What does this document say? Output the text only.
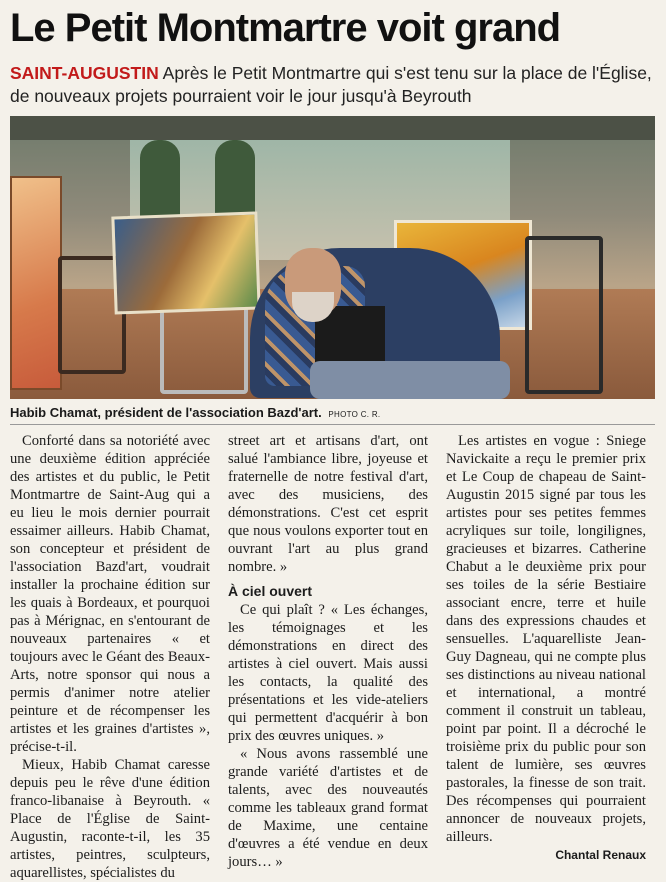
Le Petit Montmartre voit grand
SAINT-AUGUSTIN Après le Petit Montmartre qui s'est tenu sur la place de l'Église, de nouveaux projets pourraient voir le jour jusqu'à Beyrouth
Habib Chamat, président de l'association Bazd'art. PHOTO C. R.

Conforté dans sa notoriété avec une deuxième édition appréciée des artistes et du public, le Petit Montmartre de Saint-Aug qui a eu lieu le mois dernier pourrait essaimer ailleurs. Habib Chamat, son concepteur et président de l'association Bazd'art, voudrait installer la prochaine édition sur les quais à Bordeaux, et pourquoi pas à Mérignac, en s'entourant de nouveaux partenaires « et toujours avec le Géant des Beaux-Arts, notre sponsor qui nous a permis d'animer notre atelier peinture et de récompenser les artistes et les graines d'artistes », précise-t-il.

Mieux, Habib Chamat caresse depuis peu le rêve d'une édition franco-libanaise à Beyrouth. « Place de l'Église de Saint-Augustin, raconte-t-il, les 35 artistes, peintres, sculpteurs, aquarellistes, spécialistes du

street art et artisans d'art, ont salué l'ambiance libre, joyeuse et fraternelle de notre festival d'art, avec des musiciens, des démonstrations. C'est cet esprit que nous voulons exporter tout en ouvrant l'art au plus grand nombre. »

À ciel ouvert

Ce qui plaît ? « Les échanges, les témoignages et les démonstrations en direct des artistes à ciel ouvert. Mais aussi les contacts, la qualité des présentations et les vide-ateliers qui permettent d'acquérir à bon prix des œuvres uniques. »

« Nous avons rassemblé une grande variété d'artistes et de talents, avec des nouveautés comme les tableaux grand format de Maxime, une centaine d'œuvres a été vendue en deux jours… »

Les artistes en vogue : Sniege Navickaite a reçu le premier prix et Le Coup de chapeau de Saint-Augustin 2015 signé par tous les artistes pour ses petites femmes acryliques sur toile, longilignes, gracieuses et bizarres. Catherine Chabut a le deuxième prix pour ses toiles de la série Bestiaire associant encre, terre et huile dans des expressions chaudes et sensuelles. L'aquarelliste Jean-Guy Dagneau, qui ne compte plus ses distinctions au niveau national et international, a montré comment il construit un tableau, point par point. Il a décroché le troisième prix du public pour son talent de lumière, ses œuvres pastorales, la finesse de son trait. Des récompenses qui pourraient annoncer de nouveaux projets, ailleurs.

Chantal Renaux
